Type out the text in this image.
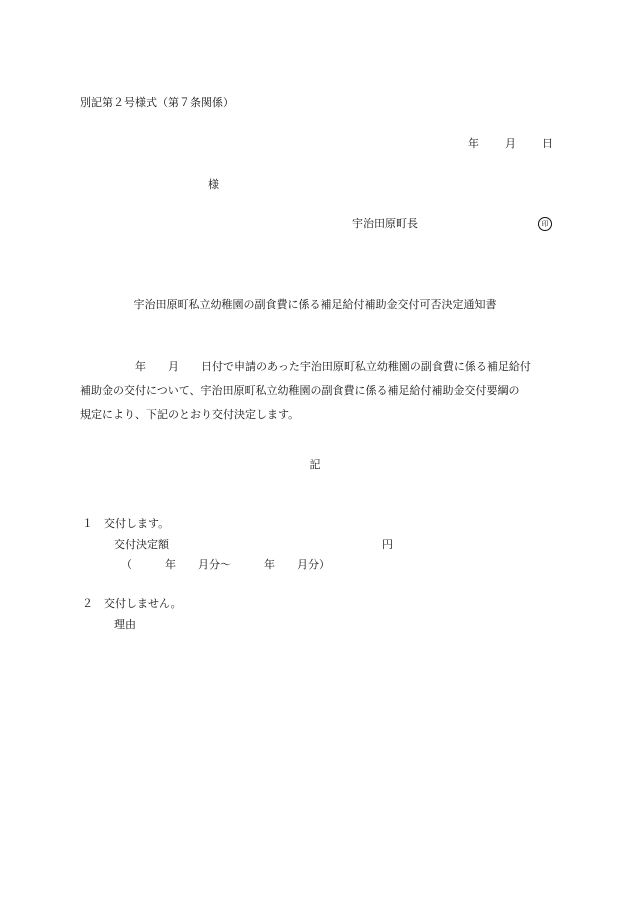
別記第２号様式（第７条関係）
年 月 日
様
宇治田原町長	印
宇治田原町私立幼稚園の副食費に係る補足給付補助金交付可否決定通知書
　　　　　年　　月　　日付で申請のあった宇治田原町私立幼稚園の副食費に係る補足給付
補助金の交付について、宇治田原町私立幼稚園の副食費に係る補足給付補助金交付要綱の
規定により、下記のとおり交付決定します。
記
１　交付します。
交付決定額	円
（　　　年　　月分～　　　年　　月分）
２　交付しません。
理由
